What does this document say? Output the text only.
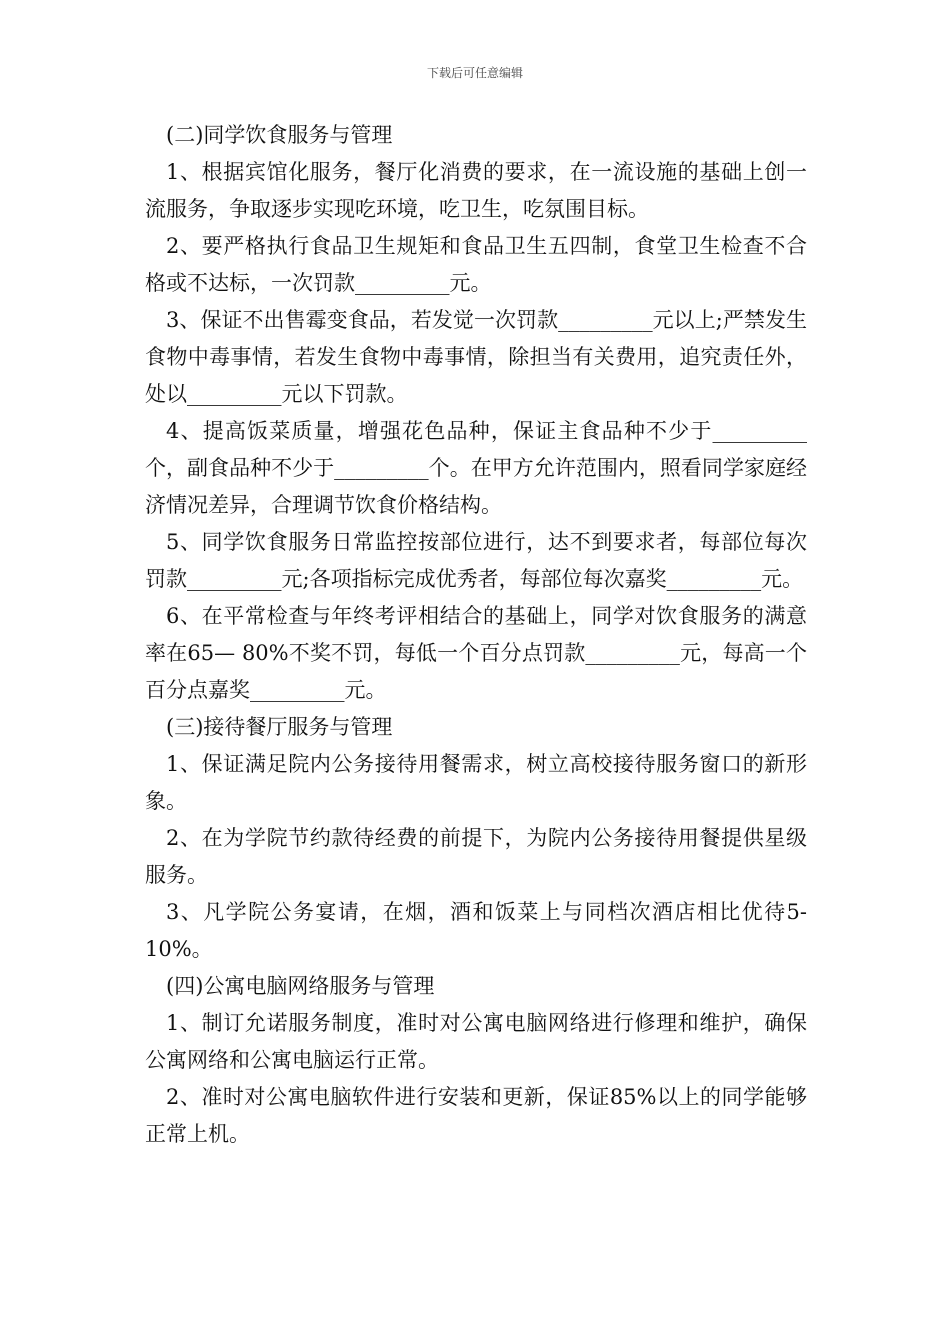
下载后可任意编辑

(二)同学饮食服务与管理

1、根据宾馆化服务，餐厅化消费的要求，在一流设施的基础上创一流服务，争取逐步实现吃环境，吃卫生，吃氛围目标。

2、要严格执行食品卫生规矩和食品卫生五四制，食堂卫生检查不合格或不达标，一次罚款_________元。

3、保证不出售霉变食品，若发觉一次罚款_________元以上;严禁发生食物中毒事情，若发生食物中毒事情，除担当有关费用，追究责任外，处以_________元以下罚款。

4、提高饭菜质量，增强花色品种，保证主食品种不少于_________个，副食品种不少于_________个。在甲方允许范围内，照看同学家庭经济情况差异，合理调节饮食价格结构。

5、同学饮食服务日常监控按部位进行，达不到要求者，每部位每次罚款_________元;各项指标完成优秀者，每部位每次嘉奖_________元。

6、在平常检查与年终考评相结合的基础上，同学对饮食服务的满意率在65— 80%不奖不罚，每低一个百分点罚款_________元，每高一个百分点嘉奖_________元。

(三)接待餐厅服务与管理

1、保证满足院内公务接待用餐需求，树立高校接待服务窗口的新形象。

2、在为学院节约款待经费的前提下，为院内公务接待用餐提供星级服务。

3、凡学院公务宴请，在烟，酒和饭菜上与同档次酒店相比优待5-10%。

(四)公寓电脑网络服务与管理

1、制订允诺服务制度，准时对公寓电脑网络进行修理和维护，确保公寓网络和公寓电脑运行正常。

2、准时对公寓电脑软件进行安装和更新，保证85%以上的同学能够正常上机。
